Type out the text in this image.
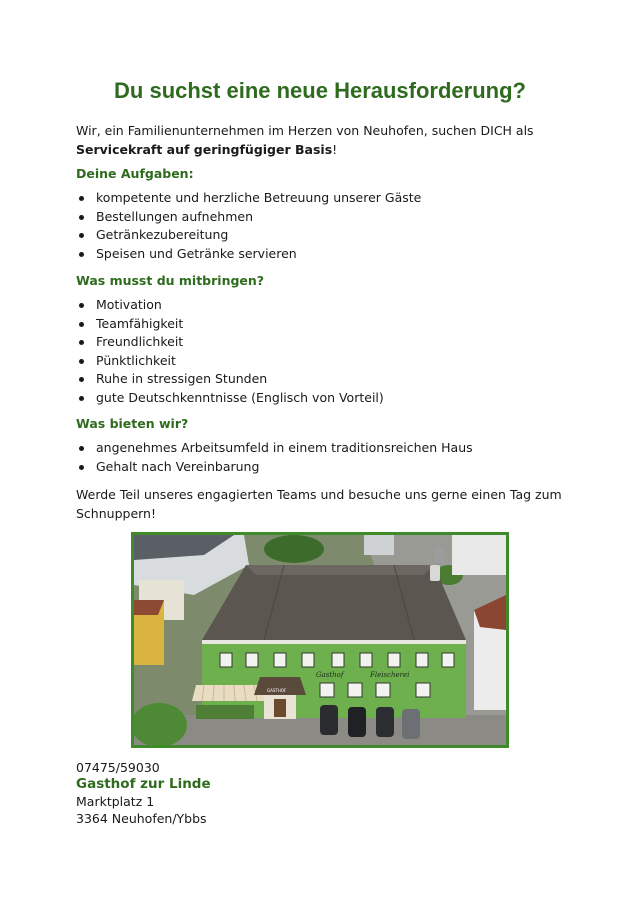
Du suchst eine neue Herausforderung?
Wir, ein Familienunternehmen im Herzen von Neuhofen, suchen DICH als
Servicekraft auf geringfügiger Basis!
Deine Aufgaben:
kompetente und herzliche Betreuung unserer Gäste
Bestellungen aufnehmen
Getränkezubereitung
Speisen und Getränke servieren
Was musst du mitbringen?
Motivation
Teamfähigkeit
Freundlichkeit
Pünktlichkeit
Ruhe in stressigen Stunden
gute Deutschkenntnisse (Englisch von Vorteil)
Was bieten wir?
angenehmes Arbeitsumfeld in einem traditionsreichen Haus
Gehalt nach Vereinbarung
Werde Teil unseres engagierten Teams und besuche uns gerne einen Tag zum Schnuppern!
Gasthof	Fleischerei
GASTHOF
07475/59030
Gasthof zur Linde
Marktplatz 1
3364 Neuhofen/Ybbs
